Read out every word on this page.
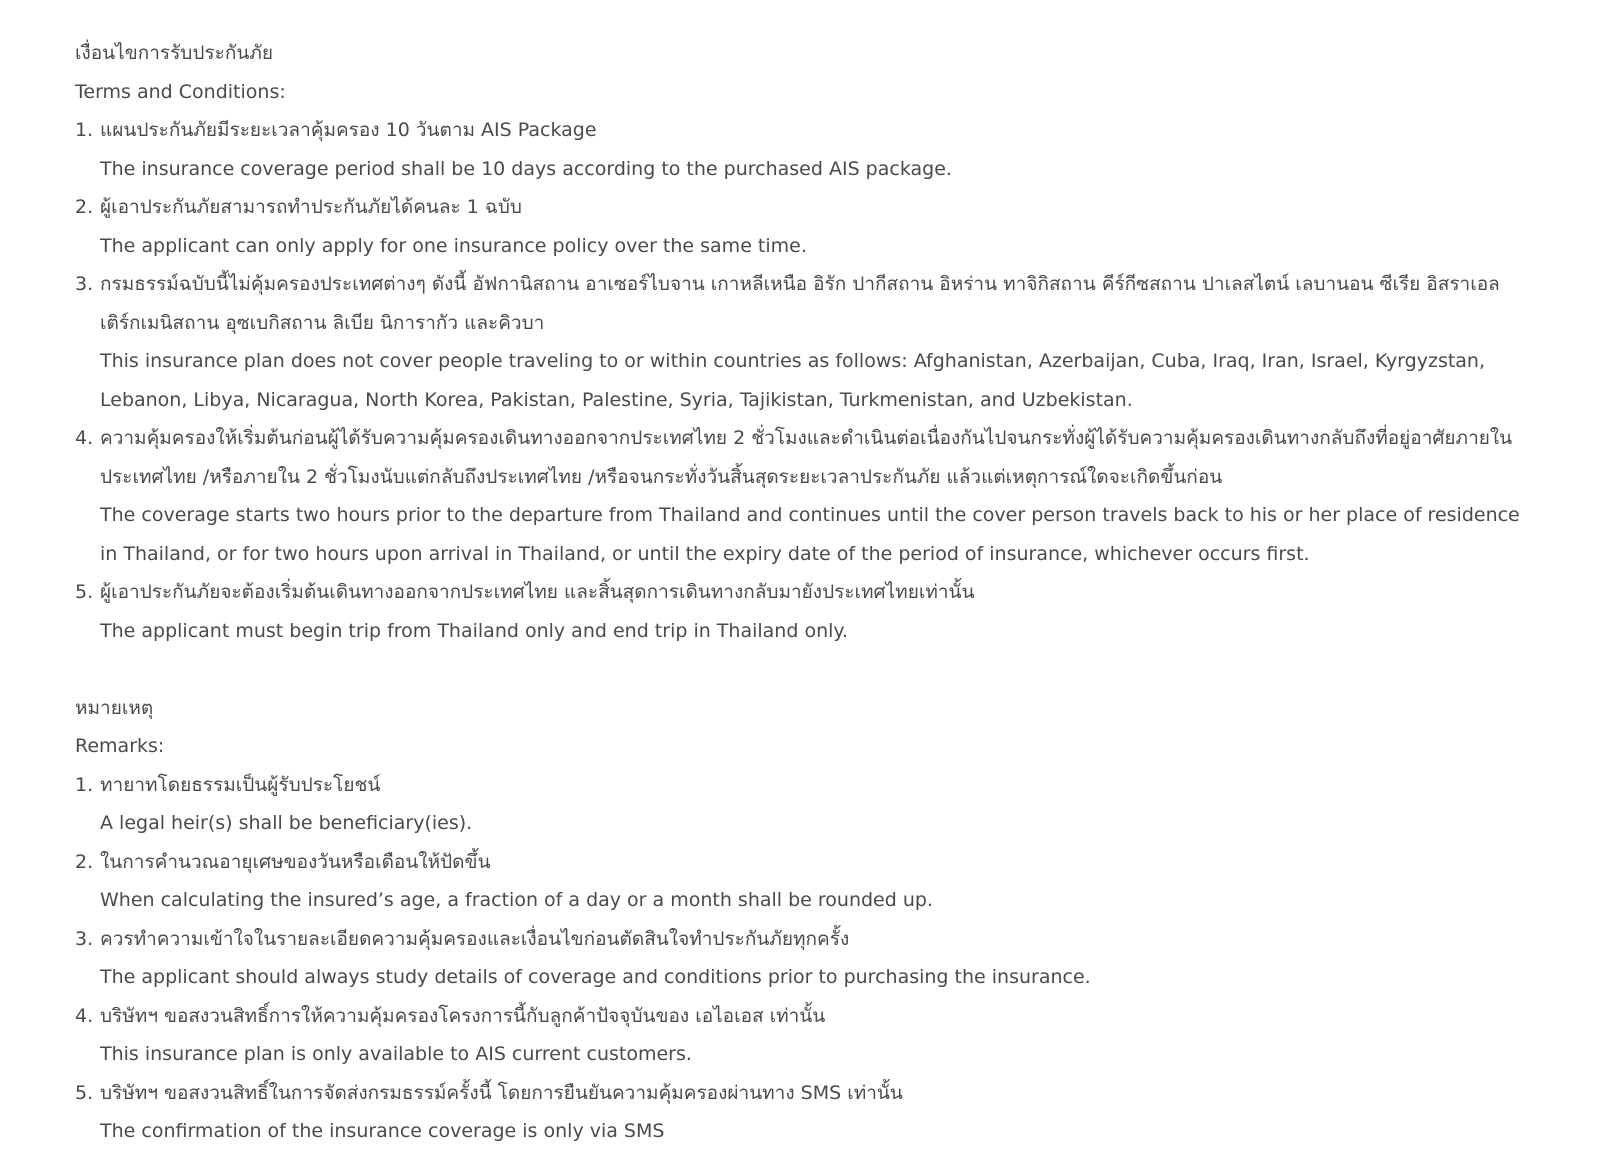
เงื่อนไขการรับประกันภัย
Terms and Conditions:
1. แผนประกันภัยมีระยะเวลาคุ้มครอง 10 วันตาม AIS Package
The insurance coverage period shall be 10 days according to the purchased AIS package.
2. ผู้เอาประกันภัยสามารถทำประกันภัยได้คนละ 1 ฉบับ
The applicant can only apply for one insurance policy over the same time.
3. กรมธรรม์ฉบับนี้ไม่คุ้มครองประเทศต่างๆ ดังนี้ อัฟกานิสถาน อาเซอร์ไบจาน เกาหลีเหนือ อิรัก ปากีสถาน อิหร่าน ทาจิกิสถาน คีร์กีซสถาน ปาเลสไตน์ เลบานอน ซีเรีย อิสราเอล เติร์กเมนิสถาน อุซเบกิสถาน ลิเบีย นิการากัว และคิวบา
This insurance plan does not cover people traveling to or within countries as follows: Afghanistan, Azerbaijan, Cuba, Iraq, Iran, Israel, Kyrgyzstan, Lebanon, Libya, Nicaragua, North Korea, Pakistan, Palestine, Syria, Tajikistan, Turkmenistan, and Uzbekistan.
4. ความคุ้มครองให้เริ่มต้นก่อนผู้ได้รับความคุ้มครองเดินทางออกจากประเทศไทย 2 ชั่วโมงและดำเนินต่อเนื่องกันไปจนกระทั่งผู้ได้รับความคุ้มครองเดินทางกลับถึงที่อยู่อาศัยภายในประเทศไทย /หรือภายใน 2 ชั่วโมงนับแต่กลับถึงประเทศไทย /หรือจนกระทั่งวันสิ้นสุดระยะเวลาประกันภัย แล้วแต่เหตุการณ์ใดจะเกิดขึ้นก่อน
The coverage starts two hours prior to the departure from Thailand and continues until the cover person travels back to his or her place of residence in Thailand, or for two hours upon arrival in Thailand, or until the expiry date of the period of insurance, whichever occurs first.
5. ผู้เอาประกันภัยจะต้องเริ่มต้นเดินทางออกจากประเทศไทย และสิ้นสุดการเดินทางกลับมายังประเทศไทยเท่านั้น
The applicant must begin trip from Thailand only and end trip in Thailand only.
หมายเหตุ
Remarks:
1. ทายาทโดยธรรมเป็นผู้รับประโยชน์
A legal heir(s) shall be beneficiary(ies).
2. ในการคำนวณอายุเศษของวันหรือเดือนให้ปัดขึ้น
When calculating the insured’s age, a fraction of a day or a month shall be rounded up.
3. ควรทำความเข้าใจในรายละเอียดความคุ้มครองและเงื่อนไขก่อนตัดสินใจทำประกันภัยทุกครั้ง
The applicant should always study details of coverage and conditions prior to purchasing the insurance.
4. บริษัทฯ ขอสงวนสิทธิ์การให้ความคุ้มครองโครงการนี้กับลูกค้าปัจจุบันของ เอไอเอส เท่านั้น
This insurance plan is only available to AIS current customers.
5. บริษัทฯ ขอสงวนสิทธิ์ในการจัดส่งกรมธรรม์ครั้งนี้ โดยการยืนยันความคุ้มครองผ่านทาง SMS เท่านั้น
The confirmation of the insurance coverage is only via SMS
